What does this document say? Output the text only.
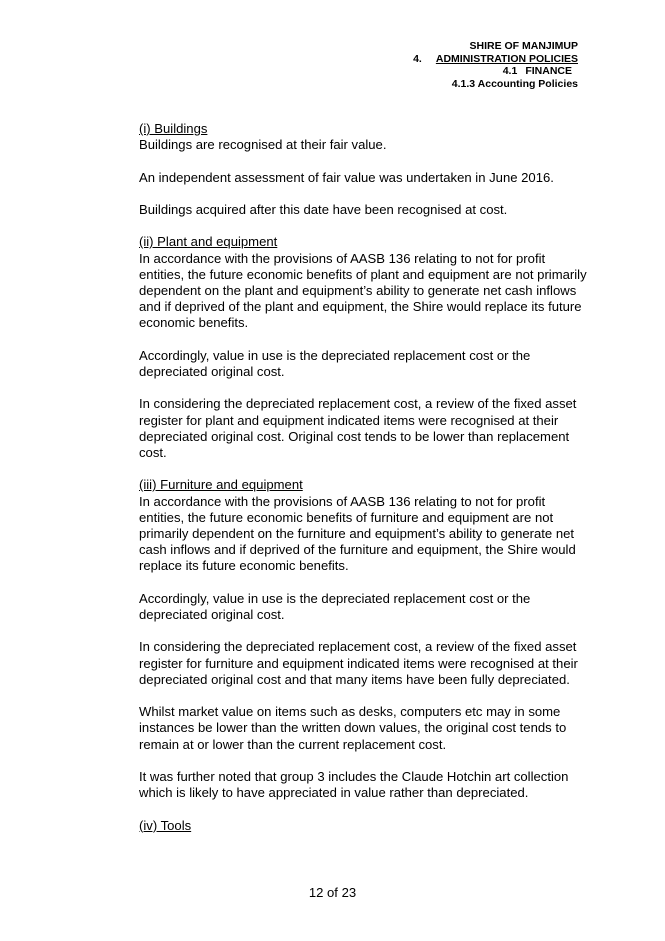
SHIRE OF MANJIMUP
4. ADMINISTRATION POLICIES
4.1 FINANCE
4.1.3 Accounting Policies
(i) Buildings

Buildings are recognised at their fair value.

An independent assessment of fair value was undertaken in June 2016.

Buildings acquired after this date have been recognised at cost.

(ii) Plant and equipment

In accordance with the provisions of AASB 136 relating to not for profit entities, the future economic benefits of plant and equipment are not primarily dependent on the plant and equipment’s ability to generate net cash inflows and if deprived of the plant and equipment, the Shire would replace its future economic benefits.

Accordingly, value in use is the depreciated replacement cost or the depreciated original cost.

In considering the depreciated replacement cost, a review of the fixed asset register for plant and equipment indicated items were recognised at their depreciated original cost. Original cost tends to be lower than replacement cost.

(iii) Furniture and equipment

In accordance with the provisions of AASB 136 relating to not for profit entities, the future economic benefits of furniture and equipment are not primarily dependent on the furniture and equipment’s ability to generate net cash inflows and if deprived of the furniture and equipment, the Shire would replace its future economic benefits.

Accordingly, value in use is the depreciated replacement cost or the depreciated original cost.

In considering the depreciated replacement cost, a review of the fixed asset register for furniture and equipment indicated items were recognised at their depreciated original cost and that many items have been fully depreciated.

Whilst market value on items such as desks, computers etc may in some instances be lower than the written down values, the original cost tends to remain at or lower than the current replacement cost.

It was further noted that group 3 includes the Claude Hotchin art collection which is likely to have appreciated in value rather than depreciated.

(iv) Tools
12 of 23
